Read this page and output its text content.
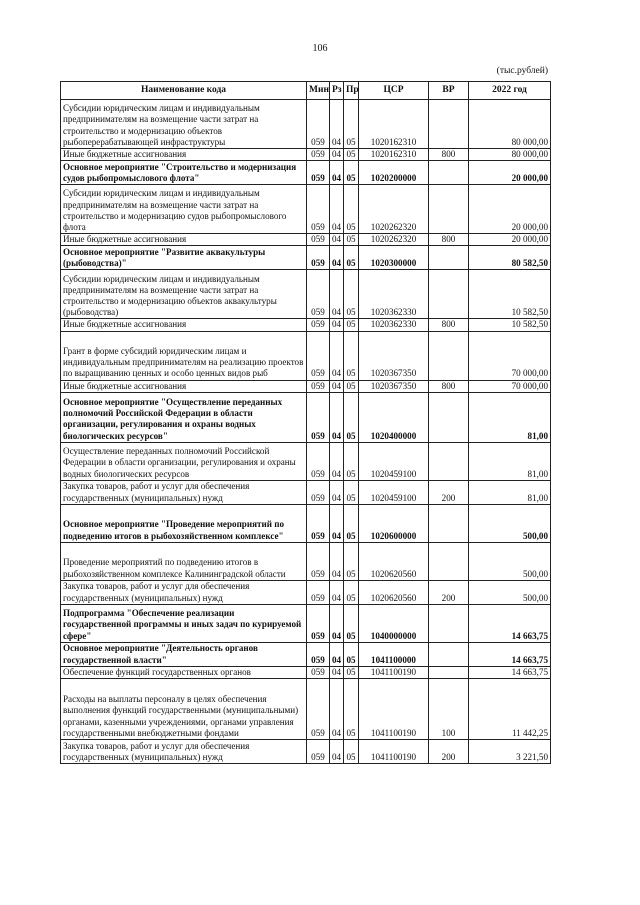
106
(тыс.рублей)
Наименование кода	Мин	Рз	Пр	ЦСР	ВР	2022 год
Субсидии юридическим лицам и индивидуальным предпринимателям на возмещение части затрат на строительство и модернизацию объектов рыбоперерабатывающей инфраструктуры	059	04	05	1020162310		80 000,00
Иные бюджетные ассигнования	059	04	05	1020162310	800	80 000,00
Основное мероприятие "Строительство и модернизация судов рыбопромыслового флота"	059	04	05	1020200000		20 000,00
Субсидии юридическим лицам и индивидуальным предпринимателям на возмещение части затрат на строительство и модернизацию судов рыбопромыслового флота	059	04	05	1020262320		20 000,00
Иные бюджетные ассигнования	059	04	05	1020262320	800	20 000,00
Основное мероприятие "Развитие аквакультуры (рыбоводства)"	059	04	05	1020300000		80 582,50
Субсидии юридическим лицам и индивидуальным предпринимателям на возмещение части затрат на строительство и модернизацию объектов аквакультуры (рыбоводства)	059	04	05	1020362330		10 582,50
Иные бюджетные ассигнования	059	04	05	1020362330	800	10 582,50
Грант в форме субсидий юридическим лицам и индивидуальным предпринимателям на реализацию проектов по выращиванию ценных и особо ценных видов рыб	059	04	05	1020367350		70 000,00
Иные бюджетные ассигнования	059	04	05	1020367350	800	70 000,00
Основное мероприятие "Осуществление переданных полномочий Российской Федерации в области организации, регулирования и охраны водных биологических ресурсов"	059	04	05	1020400000		81,00
Осуществление переданных полномочий Российской Федерации в области организации, регулирования и охраны водных биологических ресурсов	059	04	05	1020459100		81,00
Закупка товаров, работ и услуг для обеспечения государственных (муниципальных) нужд	059	04	05	1020459100	200	81,00
Основное мероприятие "Проведение мероприятий по подведению итогов в рыбохозяйственном комплексе"	059	04	05	1020600000		500,00
Проведение мероприятий по подведению итогов в рыбохозяйственном комплексе Калининградской области	059	04	05	1020620560		500,00
Закупка товаров, работ и услуг для обеспечения государственных (муниципальных) нужд	059	04	05	1020620560	200	500,00
Подпрограмма "Обеспечение реализации государственной программы и иных задач по курируемой сфере"	059	04	05	1040000000		14 663,75
Основное мероприятие "Деятельность органов государственной власти"	059	04	05	1041100000		14 663,75
Обеспечение функций государственных органов	059	04	05	1041100190		14 663,75
Расходы на выплаты персоналу в целях обеспечения выполнения функций государственными (муниципальными) органами, казенными учреждениями, органами управления государственными внебюджетными фондами	059	04	05	1041100190	100	11 442,25
Закупка товаров, работ и услуг для обеспечения государственных (муниципальных) нужд	059	04	05	1041100190	200	3 221,50
